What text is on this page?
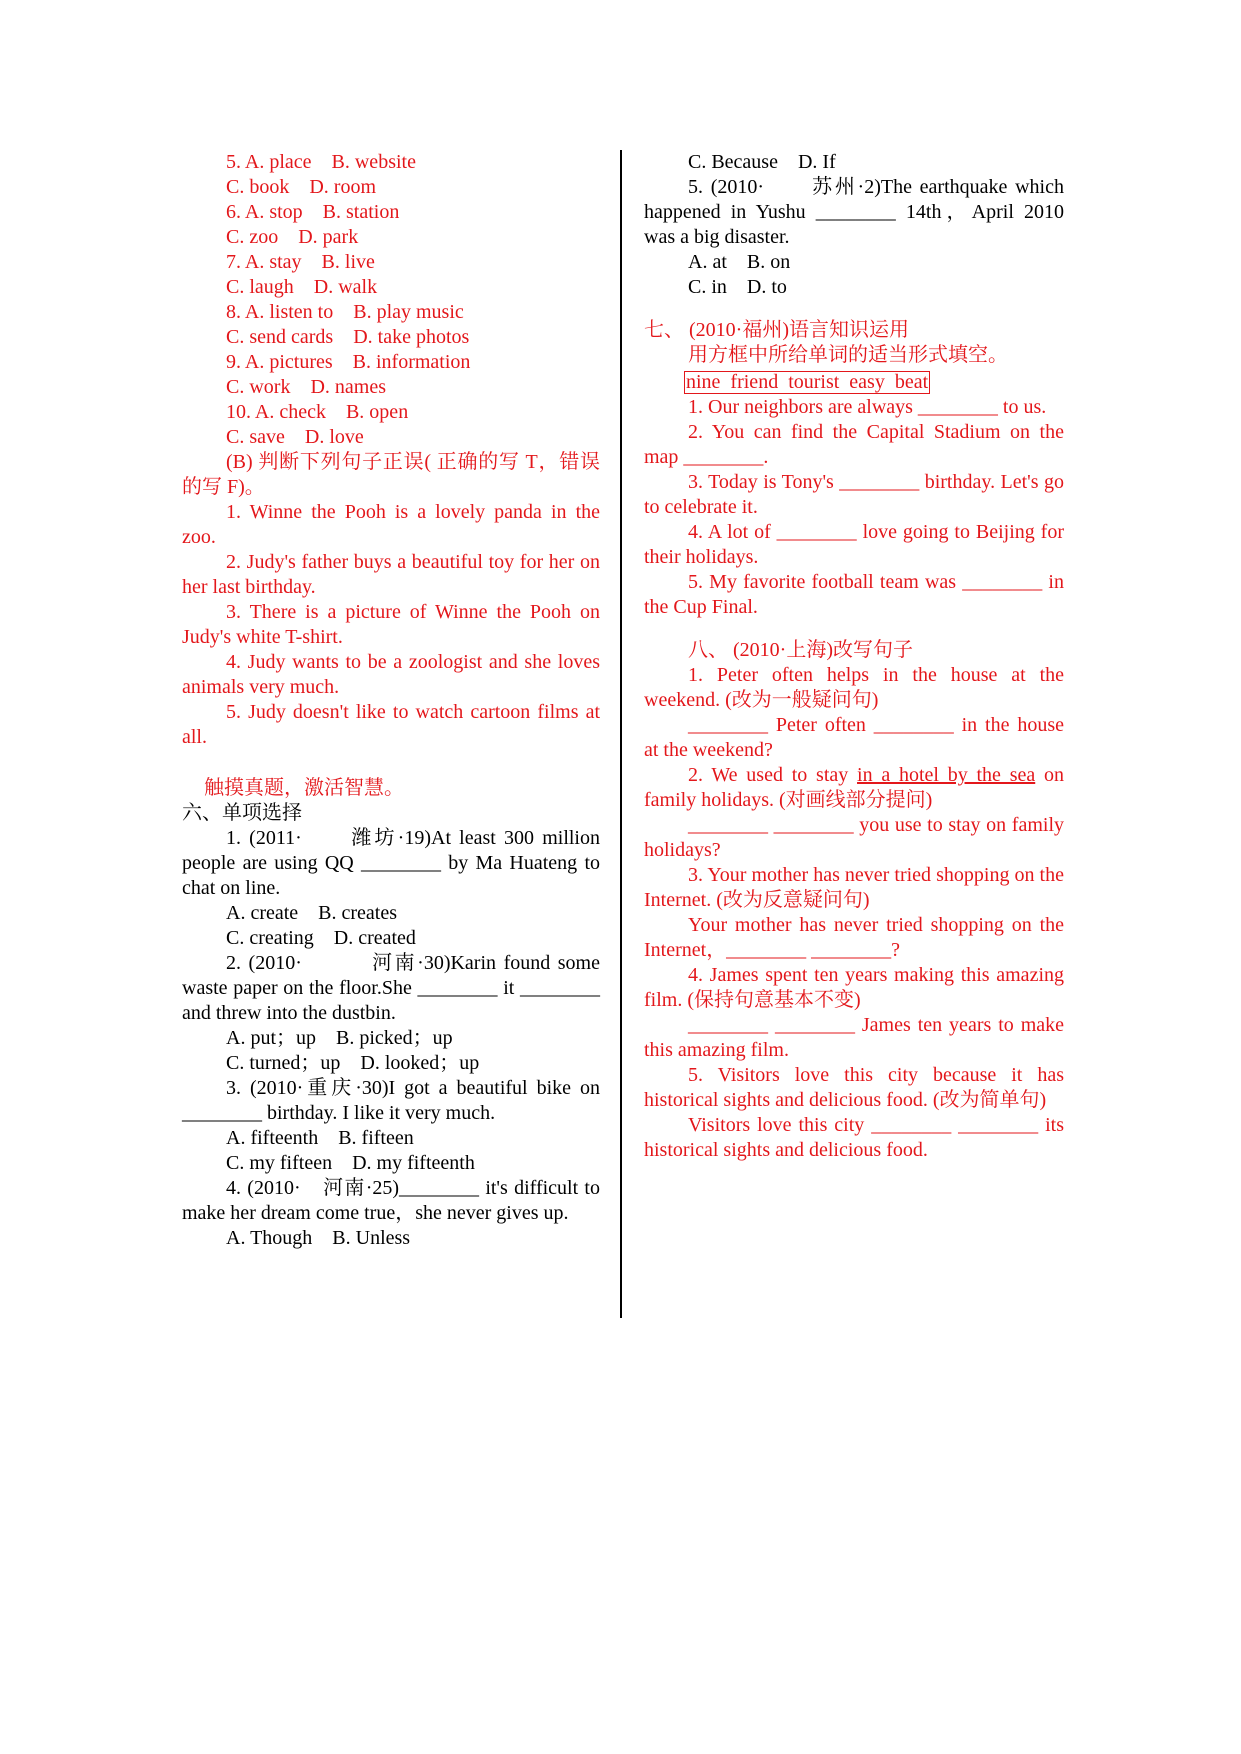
5. A. place    B. website

C. book    D. room

6. A. stop    B. station

C. zoo    D. park

7. A. stay    B. live

C. laugh    D. walk

8. A. listen to    B. play music

C. send cards    D. take photos

9. A. pictures    B. information

C. work    D. names

10. A. check    B. open

C. save    D. love

(B) 判断下列句子正误( 正确的写 T，错误的写 F)。

1. Winne the Pooh is a lovely panda in the zoo.

2. Judy's father buys a beautiful toy for her on her last birthday.

3. There is a picture of Winne the Pooh on Judy's white T-shirt.

4. Judy wants to be a zoologist and she loves animals very much.

5. Judy doesn't like to watch cartoon films at all.

触摸真题，激活智慧。

六、单项选择

1. (2011·　　潍坊·19)At least 300 million people are using QQ ________ by Ma Huateng to chat on line.

A. create    B. creates

C. creating    D. created

2. (2010·　　　河南·30)Karin found some waste paper on the floor.She ________ it ________ and threw into the dustbin.

A. put；up    B. picked；up

C. turned；up    D. looked；up

3. (2010·重庆·30)I got a beautiful bike on ________ birthday. I like it very much.

A. fifteenth    B. fifteen

C. my fifteen    D. my fifteenth

4. (2010·　河南·25)________ it's difficult to make her dream come true，she never gives up.

A. Though    B. Unless

C. Because    D. If

5. (2010·　　苏州·2)The earthquake which happened in Yushu ________ 14th，April 2010 was a big disaster.

A. at    B. on

C. in    D. to

七、 (2010·福州)语言知识运用

用方框中所给单词的适当形式填空。

nine  friend  tourist  easy  beat

1. Our neighbors are always ________ to us.

2. You can find the Capital Stadium on the map ________.

3. Today is Tony's ________ birthday. Let's go to celebrate it.

4. A lot of ________ love going to Beijing for their holidays.

5. My favorite football team was ________ in the Cup Final.

八、 (2010·上海)改写句子

1. Peter often helps in the house at the weekend. (改为一般疑问句)

________ Peter often ________ in the house at the weekend?

2. We used to stay in a hotel by the sea on family holidays. (对画线部分提问)

________ ________ you use to stay on family holidays?

3. Your mother has never tried shopping on the Internet. (改为反意疑问句)

Your mother has never tried shopping on the Internet，________ ________?

4. James spent ten years making this amazing film. (保持句意基本不变)

________ ________ James ten years to make this amazing film.

5. Visitors love this city because it has historical sights and delicious food. (改为简单句)

Visitors love this city ________ ________ its historical sights and delicious food.
